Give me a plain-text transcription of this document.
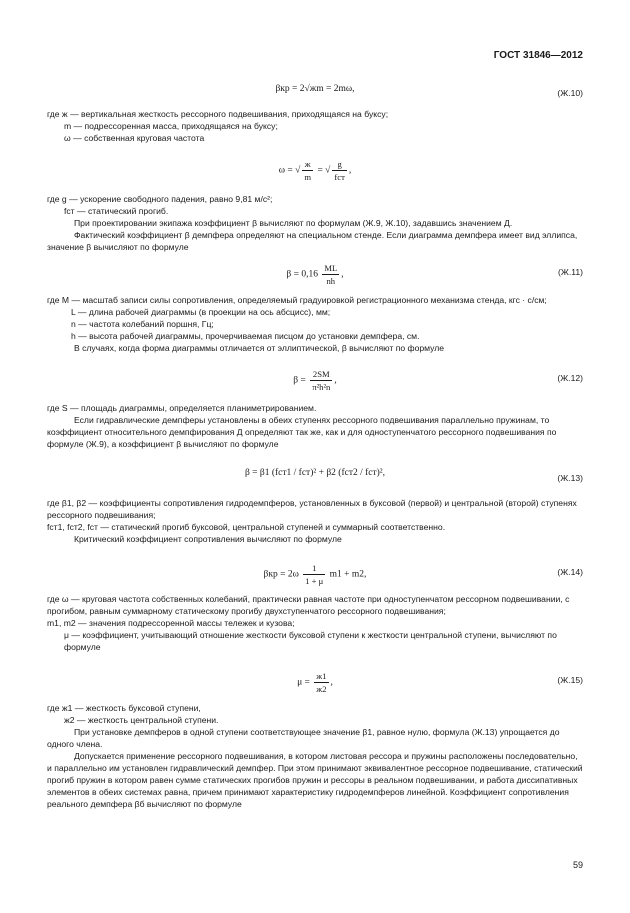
ГОСТ 31846—2012
βкр = 2√жm = 2mω,	(Ж.10)

где ж — вертикальная жесткость рессорного подвешивания, приходящаяся на буксу;

m — подрессоренная масса, приходящаяся на буксу;

ω — собственная круговая частота

ω = √ $\frac{ж}{m}$ = √ $\frac{g}{\text{fст}}$ ,

где g — ускорение свободного падения, равно 9,81 м/с²;

fст — статический прогиб.

При проектировании экипажа коэффициент β вычисляют по формулам (Ж.9, Ж.10), задавшись значением Д.

Фактический коэффициент β демпфера определяют на специальном стенде. Если диаграмма демпфера имеет вид эллипса, значение β вычисляют по формуле

$\beta = 0,16 \frac{ML}{nh}$ ,	(Ж.11)

где M — масштаб записи силы сопротивления, определяемый градуировкой регистрационного механизма стенда, кгс · с/см;

L — длина рабочей диаграммы (в проекции на ось абсцисс), мм;

n — частота колебаний поршня, Гц;

h — высота рабочей диаграммы, прочерчиваемая писцом до установки демпфера, см.

В случаях, когда форма диаграммы отличается от эллиптической, β вычисляют по формуле

$\beta = \frac{2SM}{\text{π²h²n}}$ ,	(Ж.12)

где S — площадь диаграммы, определяется планиметрированием.

Если гидравлические демпферы установлены в обеих ступенях рессорного подвешивания параллельно пружинам, то коэффициент относительного демпфирования Д определяют так же, как и для одноступенчатого рессорного подвешивания по формуле (Ж.9), а коэффициент β вычисляют по формуле

β = β1 (fст1 / fст)² + β2 (fст2 / fст)²,	(Ж.13)

где β1, β2 — коэффициенты сопротивления гидродемпферов, установленных в буксовой (первой) и центральной (второй) ступенях рессорного подвешивания;

fст1, fст2, fст — статический прогиб буксовой, центральной ступеней и суммарный соответственно.

Критический коэффициент сопротивления вычисляют по формуле

$\beta кр = 2\omega \frac{1}{1 + \mu} m1 + m2$,	(Ж.14)

где ω — круговая частота собственных колебаний, практически равная частоте при одноступенчатом рессорном подвешивании, с прогибом, равным суммарному статическому прогибу двухступенчатого рессорного подвешивания;

m1, m2 — значения подрессоренной массы тележек и кузова;

μ — коэффициент, учитывающий отношение жесткости буксовой ступени к жесткости центральной ступени, вычисляют по формуле

$\mu = \frac{ж1}{ж2}$ ,	(Ж.15)

где ж1 — жесткость буксовой ступени,

ж2 — жесткость центральной ступени.

При установке демпферов в одной ступени соответствующее значение β1, равное нулю, формула (Ж.13) упрощается до одного члена.

Допускается применение рессорного подвешивания, в котором листовая рессора и пружины расположены последовательно, и параллельно им установлен гидравлический демпфер. При этом принимают эквивалентное рессорное подвешивание, статический прогиб пружин в котором равен сумме статических прогибов пружин и рессоры в реальном подвешивании, и работа диссипативных элементов в обеих системах равна, причем принимают характеристику гидродемпферов линейной. Коэффициент сопротивления реального демпфера βб вычисляют по формуле

59
